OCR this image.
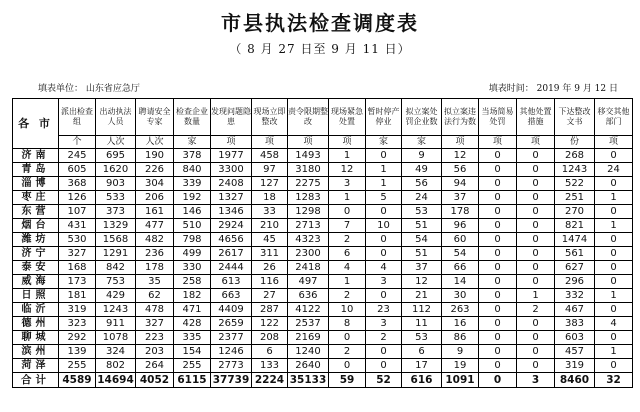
市县执法检查调度表
（ 8 月 27 日至 9 月 11 日）
填表单位： 山东省应急厅	填表时间： 2019 年 9 月 12 日
各 市	派出检查组	出动执法人员	聘请安全专家	检查企业数量	发现问题隐患	现场立即整改	责令限期整改	现场紧急处置	暂时停产停业	拟立案处罚企业数	拟立案违法行为数	当场简易处罚	其他处置措施	下达整改文书	移交其他部门
	个	人次	人次	家	项	项	项	项	家	家	项	项	项	份	项
济南	245	695	190	378	1977	458	1493	1	0	9	12	0	0	268	0
青岛	605	1620	226	840	3300	97	3180	12	1	49	56	0	0	1243	24
淄博	368	903	304	339	2408	127	2275	3	1	56	94	0	0	522	0
枣庄	126	533	206	192	1327	18	1283	1	5	24	37	0	0	251	1
东营	107	373	161	146	1346	33	1298	0	0	53	178	0	0	270	0
烟台	431	1329	477	510	2924	210	2713	7	10	51	96	0	0	821	1
潍坊	530	1568	482	798	4656	45	4323	2	0	54	60	0	0	1474	0
济宁	327	1291	236	499	2617	311	2300	6	0	51	54	0	0	561	0
泰安	168	842	178	330	2444	26	2418	4	4	37	66	0	0	627	0
威海	173	753	35	258	613	116	497	1	3	12	14	0	0	296	0
日照	181	429	62	182	663	27	636	2	0	21	30	0	1	332	1
临沂	319	1243	478	471	4409	287	4122	10	23	112	263	0	2	467	0
德州	323	911	327	428	2659	122	2537	8	3	11	16	0	0	383	4
聊城	292	1078	223	335	2377	208	2169	0	2	53	86	0	0	603	0
滨州	139	324	203	154	1246	6	1240	2	0	6	9	0	0	457	1
菏泽	255	802	264	255	2773	133	2640	0	0	17	19	0	0	319	0
合计	4589	14694	4052	6115	37739	2224	35133	59	52	616	1091	0	3	8460	32
